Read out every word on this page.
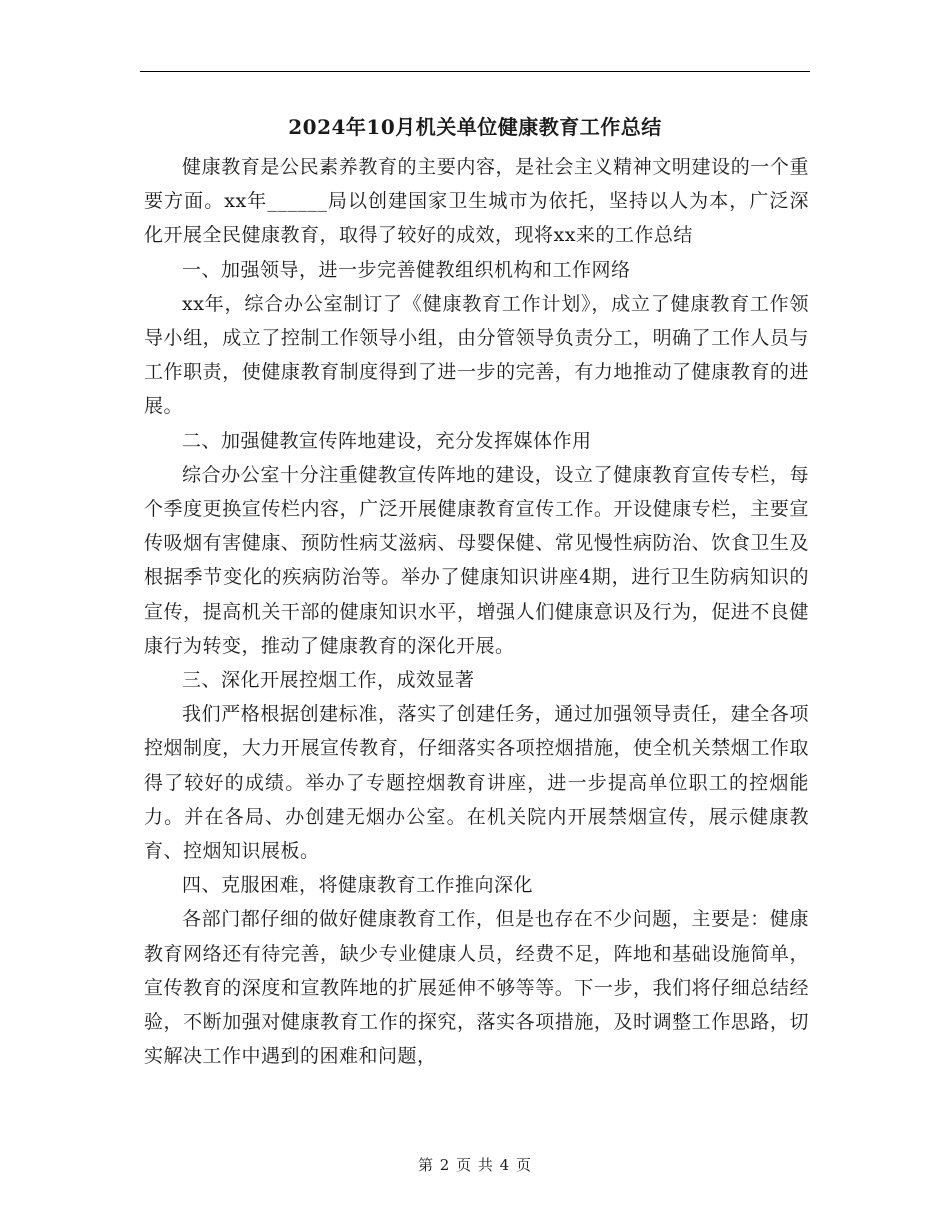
2024年10月机关单位健康教育工作总结

健康教育是公民素养教育的主要内容，是社会主义精神文明建设的一个重要方面。xx年______局以创建国家卫生城市为依托，坚持以人为本，广泛深化开展全民健康教育，取得了较好的成效，现将xx来的工作总结

一、加强领导，进一步完善健教组织机构和工作网络

xx年，综合办公室制订了《健康教育工作计划》，成立了健康教育工作领导小组，成立了控制工作领导小组，由分管领导负责分工，明确了工作人员与工作职责，使健康教育制度得到了进一步的完善，有力地推动了健康教育的进展。

二、加强健教宣传阵地建设，充分发挥媒体作用

综合办公室十分注重健教宣传阵地的建设，设立了健康教育宣传专栏，每个季度更换宣传栏内容，广泛开展健康教育宣传工作。开设健康专栏，主要宣传吸烟有害健康、预防性病艾滋病、母婴保健、常见慢性病防治、饮食卫生及根据季节变化的疾病防治等。举办了健康知识讲座4期，进行卫生防病知识的宣传，提高机关干部的健康知识水平，增强人们健康意识及行为，促进不良健康行为转变，推动了健康教育的深化开展。

三、深化开展控烟工作，成效显著

我们严格根据创建标准，落实了创建任务，通过加强领导责任，建全各项控烟制度，大力开展宣传教育，仔细落实各项控烟措施，使全机关禁烟工作取得了较好的成绩。举办了专题控烟教育讲座，进一步提高单位职工的控烟能力。并在各局、办创建无烟办公室。在机关院内开展禁烟宣传，展示健康教育、控烟知识展板。

四、克服困难，将健康教育工作推向深化

各部门都仔细的做好健康教育工作，但是也存在不少问题，主要是：健康教育网络还有待完善，缺少专业健康人员，经费不足，阵地和基础设施简单，宣传教育的深度和宣教阵地的扩展延伸不够等等。下一步，我们将仔细总结经验，不断加强对健康教育工作的探究，落实各项措施，及时调整工作思路，切实解决工作中遇到的困难和问题，

第 2 页 共 4 页
